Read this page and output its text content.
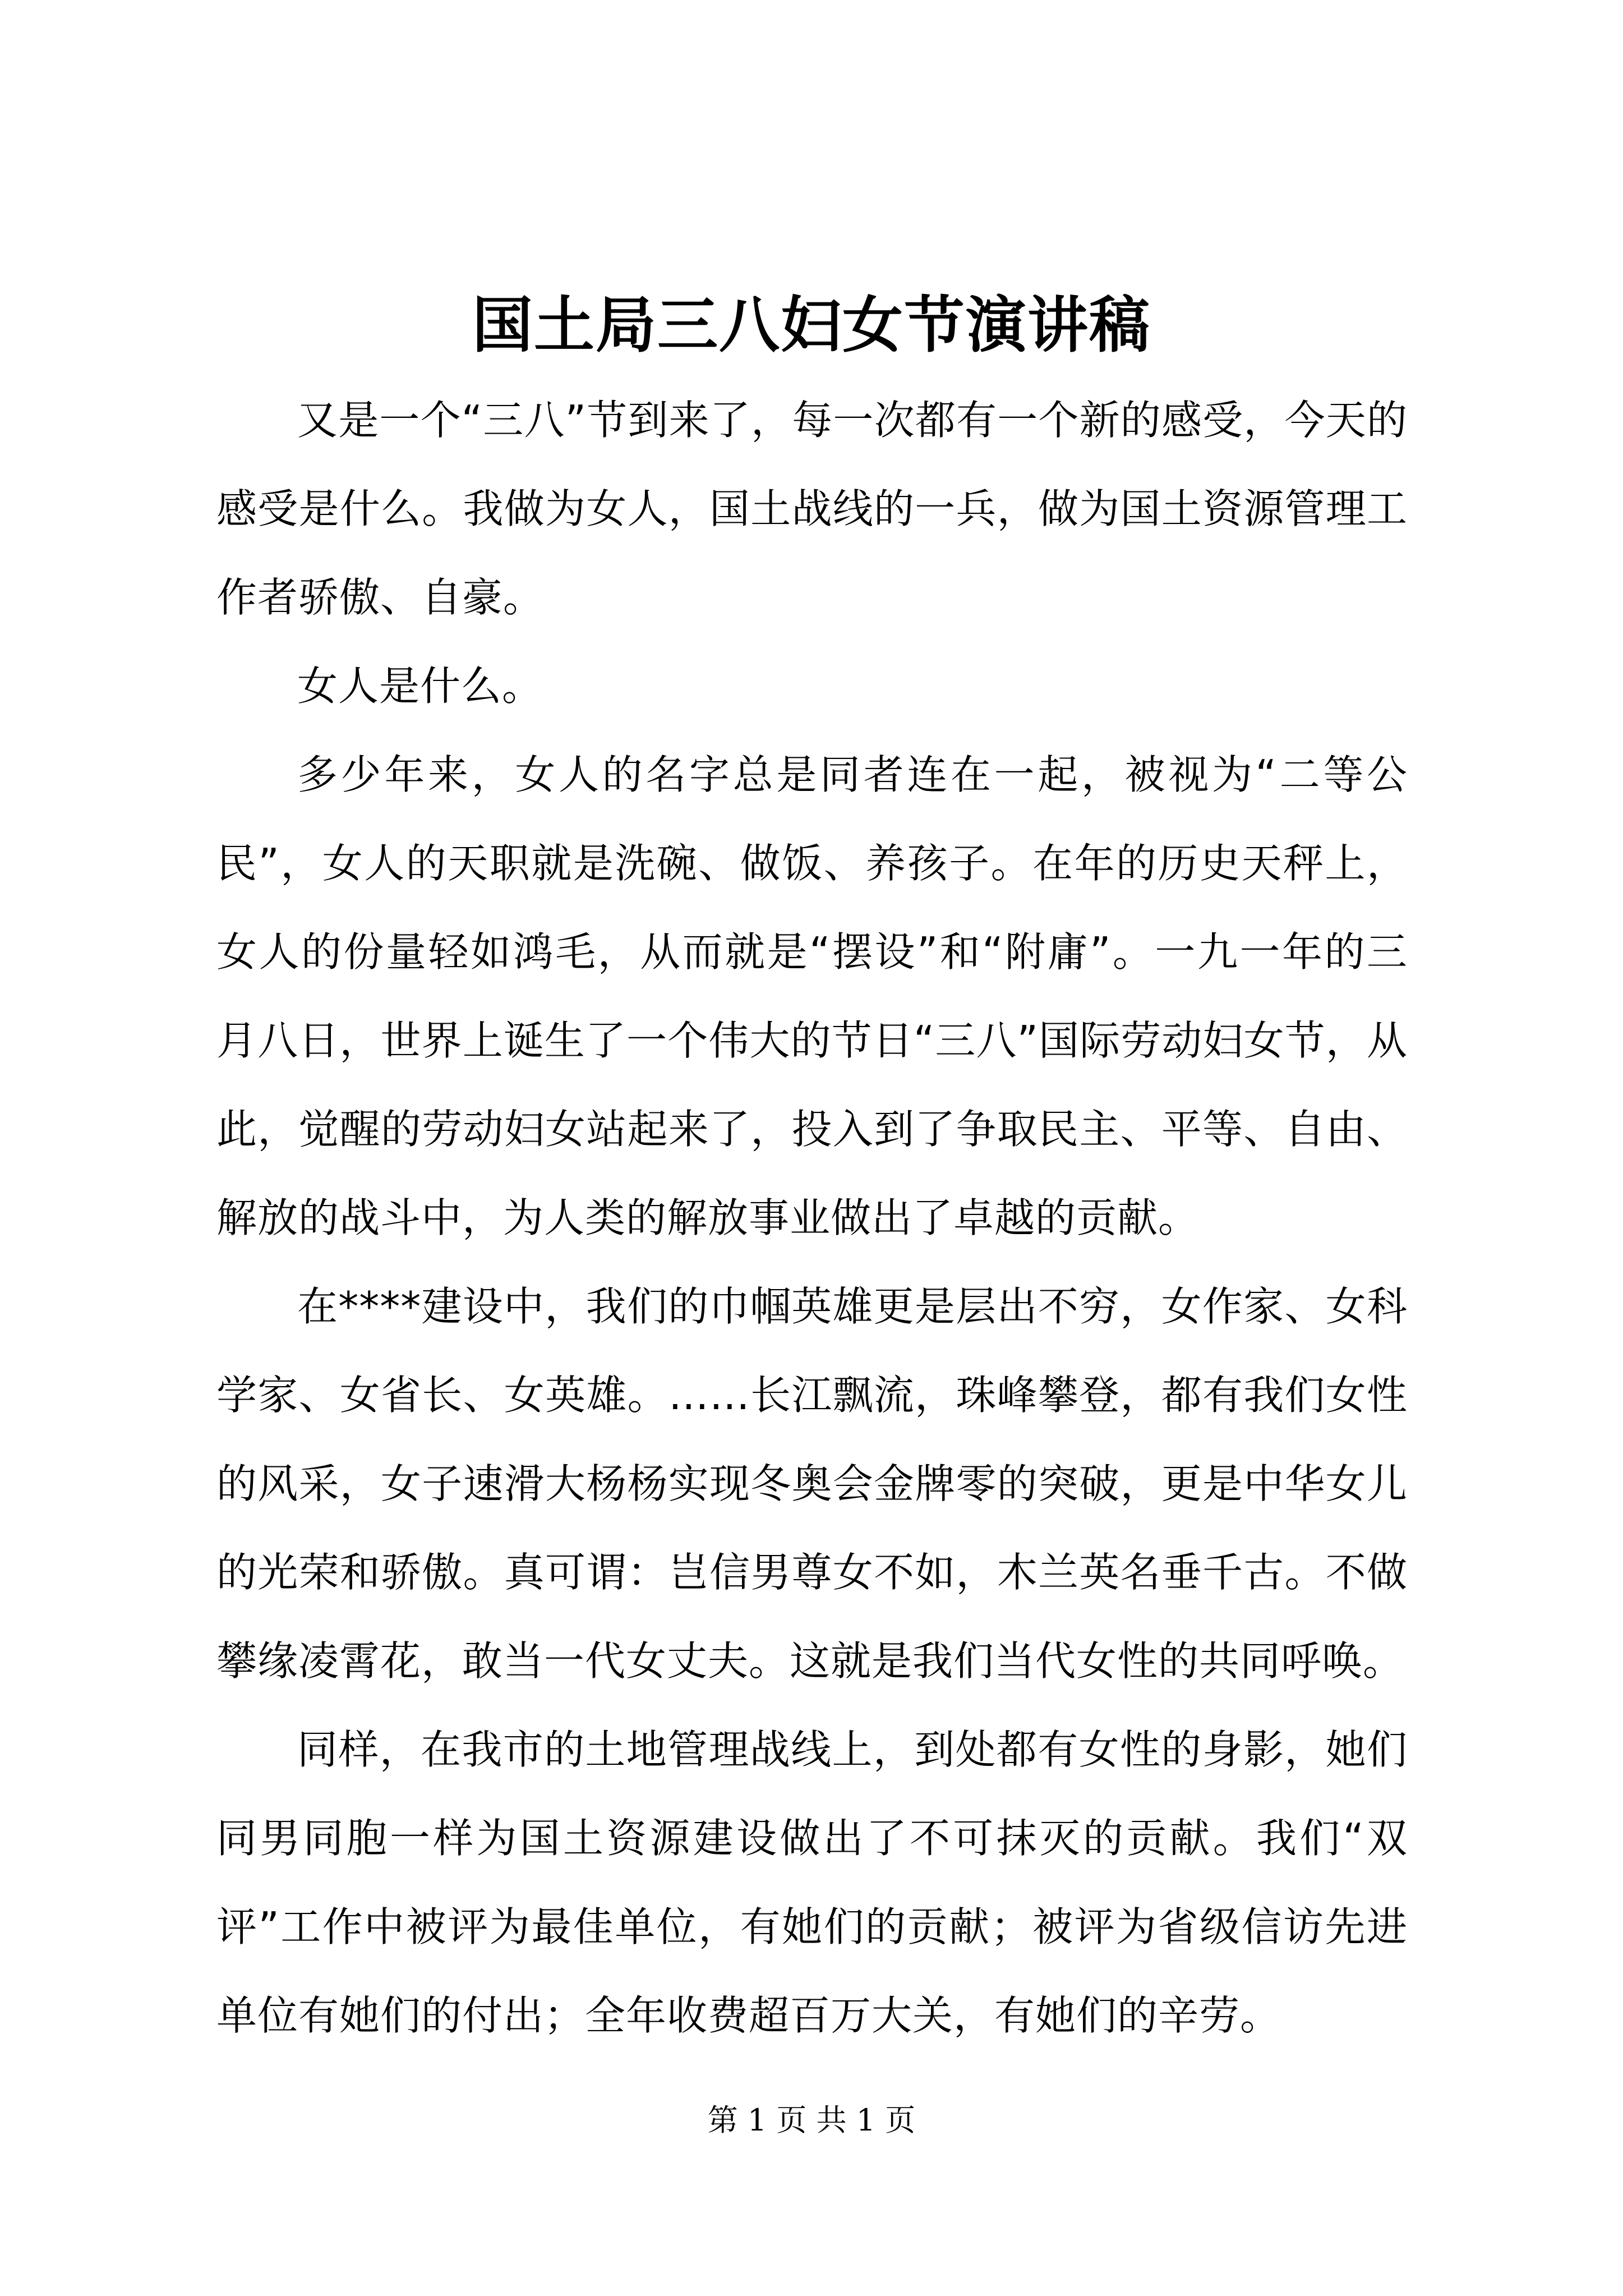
国土局三八妇女节演讲稿

又是一个“三八”节到来了，每一次都有一个新的感受，今天的感受是什么。我做为女人，国土战线的一兵，做为国土资源管理工作者骄傲、自豪。

女人是什么。

多少年来，女人的名字总是同者连在一起，被视为“二等公民”，女人的天职就是洗碗、做饭、养孩子。在年的历史天秤上，女人的份量轻如鸿毛，从而就是“摆设”和“附庸”。一九一年的三月八日，世界上诞生了一个伟大的节日“三八”国际劳动妇女节，从此，觉醒的劳动妇女站起来了，投入到了争取民主、平等、自由、解放的战斗中，为人类的解放事业做出了卓越的贡献。

在****建设中，我们的巾帼英雄更是层出不穷，女作家、女科学家、女省长、女英雄。……长江飘流，珠峰攀登，都有我们女性的风采，女子速滑大杨杨实现冬奥会金牌零的突破，更是中华女儿的光荣和骄傲。真可谓：岂信男尊女不如，木兰英名垂千古。不做攀缘凌霄花，敢当一代女丈夫。这就是我们当代女性的共同呼唤。

同样，在我市的土地管理战线上，到处都有女性的身影，她们同男同胞一样为国土资源建设做出了不可抹灭的贡献。我们“双评”工作中被评为最佳单位，有她们的贡献；被评为省级信访先进单位有她们的付出；全年收费超百万大关，有她们的辛劳。

第 1 页 共 1 页
